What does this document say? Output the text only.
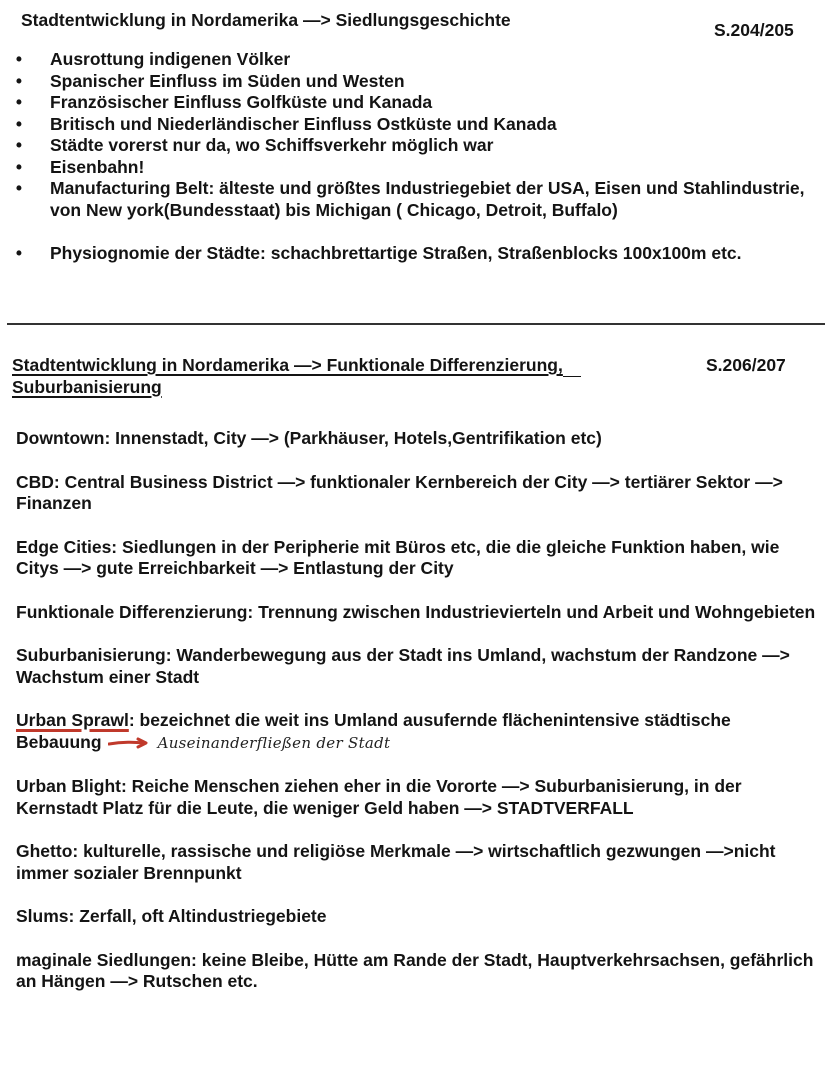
Stadtentwicklung in Nordamerika —> Siedlungsgeschichte	S.204/205
• Ausrottung indigenen Völker
• Spanischer Einfluss im Süden und Westen
• Französischer Einfluss Golfküste und Kanada
• Britisch und Niederländischer Einfluss Ostküste und Kanada
• Städte vorerst nur da, wo Schiffsverkehr möglich war
• Eisenbahn!
• Manufacturing Belt: älteste und größtes Industriegebiet der USA, Eisen und Stahlindustrie, von New york(Bundesstaat) bis Michigan ( Chicago, Detroit, Buffalo)
• Physiognomie der Städte: schachbrettartige Straßen, Straßenblocks 100x100m etc.
Stadtentwicklung in Nordamerika —> Funktionale Differenzierung,
Suburbanisierung
S.206/207

Downtown: Innenstadt, City —> (Parkhäuser, Hotels,Gentrifikation etc)

CBD: Central Business District —> funktionaler Kernbereich der City —> tertiärer Sektor —> Finanzen

Edge Cities: Siedlungen in der Peripherie mit Büros etc, die die gleiche Funktion haben, wie Citys —> gute Erreichbarkeit —> Entlastung der City

Funktionale Differenzierung: Trennung zwischen Industrievierteln und Arbeit und Wohngebieten

Suburbanisierung: Wanderbewegung aus der Stadt ins Umland, wachstum der Randzone —> Wachstum einer Stadt

Urban Sprawl: bezeichnet die weit ins Umland ausufernde flächenintensive städtische Bebauung	Auseinanderfließen der Stadt

Urban Blight: Reiche Menschen ziehen eher in die Vororte —> Suburbanisierung, in der Kernstadt Platz für die Leute, die weniger Geld haben —> STADTVERFALL

Ghetto: kulturelle, rassische und religiöse Merkmale —> wirtschaftlich gezwungen —>nicht immer sozialer Brennpunkt

Slums: Zerfall, oft Altindustriegebiete

maginale Siedlungen: keine Bleibe, Hütte am Rande der Stadt, Hauptverkehrsachsen, gefährlich an Hängen —> Rutschen etc.
